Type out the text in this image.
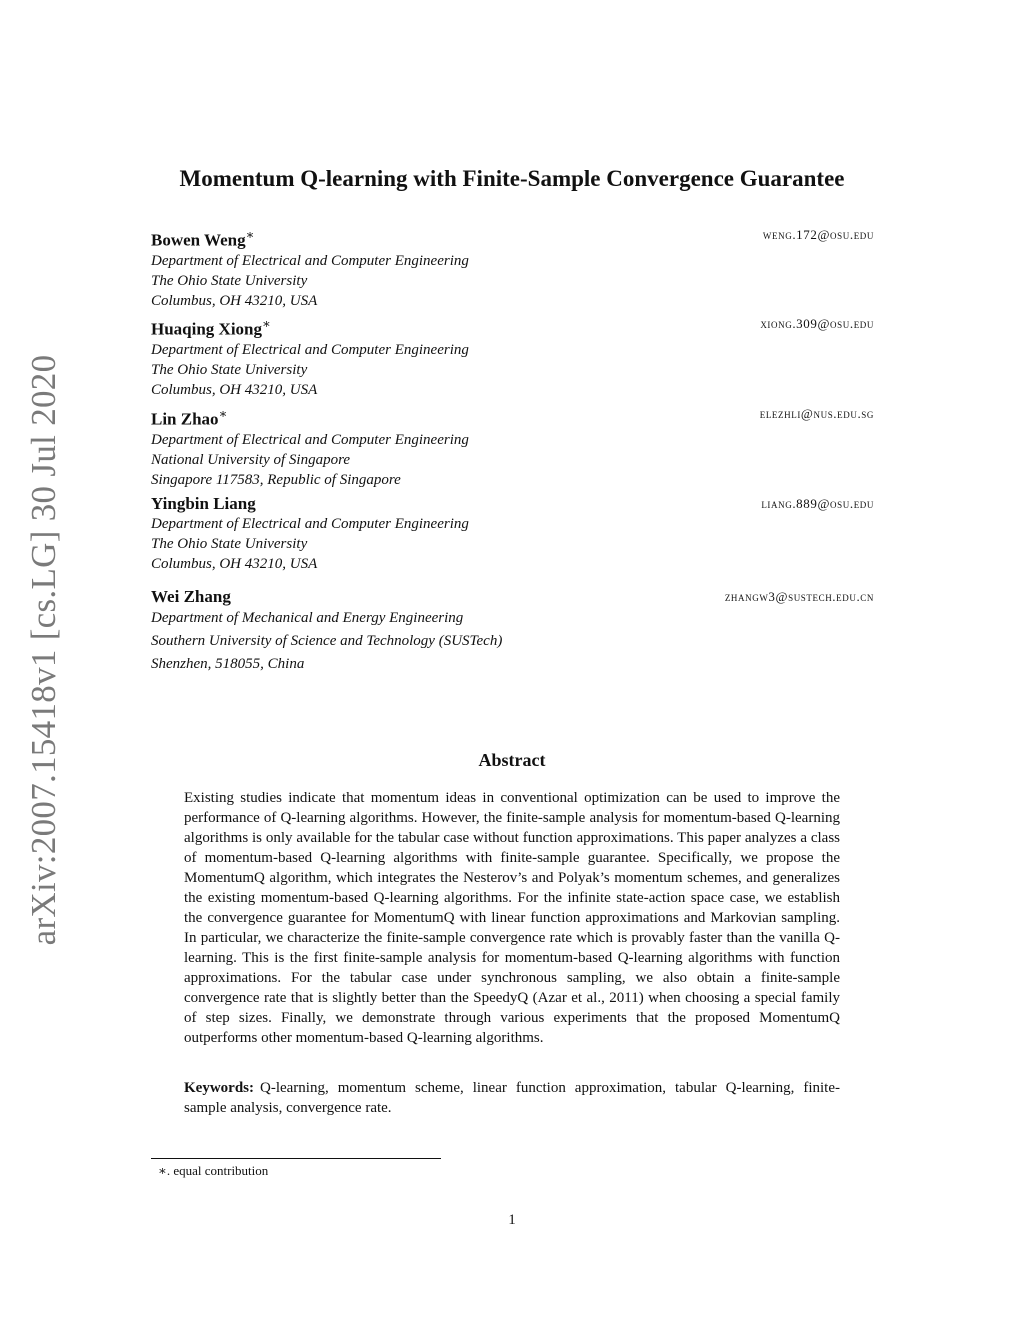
arXiv:2007.15418v1 [cs.LG] 30 Jul 2020
Momentum Q-learning with Finite-Sample Convergence Guarantee
Bowen Weng∗	weng.172@osu.edu
Department of Electrical and Computer Engineering
The Ohio State University
Columbus, OH 43210, USA
Huaqing Xiong∗	xiong.309@osu.edu
Department of Electrical and Computer Engineering
The Ohio State University
Columbus, OH 43210, USA
Lin Zhao∗	elezhli@nus.edu.sg
Department of Electrical and Computer Engineering
National University of Singapore
Singapore 117583, Republic of Singapore
Yingbin Liang	liang.889@osu.edu
Department of Electrical and Computer Engineering
The Ohio State University
Columbus, OH 43210, USA
Wei Zhang	zhangw3@sustech.edu.cn
Department of Mechanical and Energy Engineering
Southern University of Science and Technology (SUSTech)
Shenzhen, 518055, China
Abstract

Existing studies indicate that momentum ideas in conventional optimization can be used to improve the performance of Q-learning algorithms. However, the finite-sample analysis for momentum-based Q-learning algorithms is only available for the tabular case without function approximations. This paper analyzes a class of momentum-based Q-learning algorithms with finite-sample guarantee. Specifically, we propose the MomentumQ algorithm, which integrates the Nesterov’s and Polyak’s momentum schemes, and generalizes the existing momentum-based Q-learning algorithms. For the infinite state-action space case, we establish the convergence guarantee for MomentumQ with linear function approximations and Markovian sampling. In particular, we characterize the finite-sample convergence rate which is provably faster than the vanilla Q-learning. This is the first finite-sample analysis for momentum-based Q-learning algorithms with function approximations. For the tabular case under synchronous sampling, we also obtain a finite-sample convergence rate that is slightly better than the SpeedyQ (Azar et al., 2011) when choosing a special family of step sizes. Finally, we demonstrate through various experiments that the proposed MomentumQ outperforms other momentum-based Q-learning algorithms.

Keywords: Q-learning, momentum scheme, linear function approximation, tabular Q-learning, finite-sample analysis, convergence rate.

∗. equal contribution
1
